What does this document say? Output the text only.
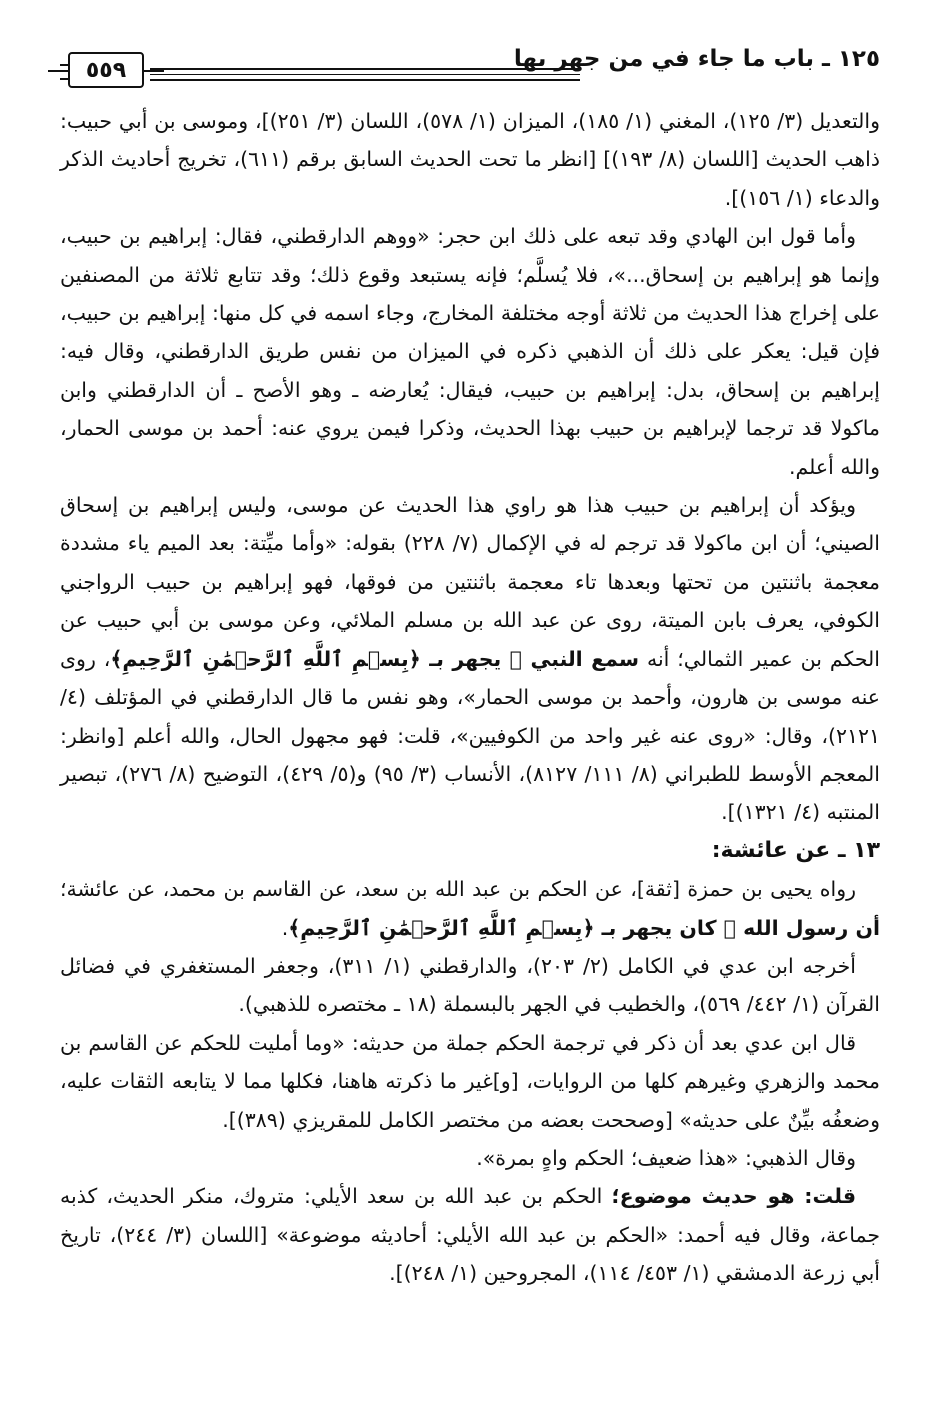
١٢٥ ـ باب ما جاء في من جهر بها
٥٥٩

والتعديل (٣/ ١٢٥)، المغني (١/ ١٨٥)، الميزان (١/ ٥٧٨)، اللسان (٣/ ٢٥١)]، وموسى بن أبي حبيب: ذاهب الحديث [اللسان (٨/ ١٩٣)] [انظر ما تحت الحديث السابق برقم (٦١١)، تخريج أحاديث الذكر والدعاء (١/ ١٥٦)].

وأما قول ابن الهادي وقد تبعه على ذلك ابن حجر: «ووهم الدارقطني، فقال: إبراهيم بن حبيب، وإنما هو إبراهيم بن إسحاق...»، فلا يُسلَّم؛ فإنه يستبعد وقوع ذلك؛ وقد تتابع ثلاثة من المصنفين على إخراج هذا الحديث من ثلاثة أوجه مختلفة المخارج، وجاء اسمه في كل منها: إبراهيم بن حبيب، فإن قيل: يعكر على ذلك أن الذهبي ذكره في الميزان من نفس طريق الدارقطني، وقال فيه: إبراهيم بن إسحاق، بدل: إبراهيم بن حبيب، فيقال: يُعارضه ـ وهو الأصح ـ أن الدارقطني وابن ماكولا قد ترجما لإبراهيم بن حبيب بهذا الحديث، وذكرا فيمن يروي عنه: أحمد بن موسى الحمار، والله أعلم.

ويؤكد أن إبراهيم بن حبيب هذا هو راوي هذا الحديث عن موسى، وليس إبراهيم بن إسحاق الصيني؛ أن ابن ماكولا قد ترجم له في الإكمال (٧/ ٢٢٨) بقوله: «وأما ميِّتة: بعد الميم ياء مشددة معجمة باثنتين من تحتها وبعدها تاء معجمة باثنتين من فوقها، فهو إبراهيم بن حبيب الرواجني الكوفي، يعرف بابن الميتة، روى عن عبد الله بن مسلم الملائي، وعن موسى بن أبي حبيب عن الحكم بن عمير الثمالي؛ أنه سمع النبي ﷺ يجهر بـ ﴿بِسۡمِ ٱللَّهِ ٱلرَّحۡمَٰنِ ٱلرَّحِيمِ﴾، روى عنه موسى بن هارون، وأحمد بن موسى الحمار»، وهو نفس ما قال الدارقطني في المؤتلف (٤/ ٢١٢١)، وقال: «روى عنه غير واحد من الكوفيين»، قلت: فهو مجهول الحال، والله أعلم [وانظر: المعجم الأوسط للطبراني (٨/ ١١١/ ٨١٢٧)، الأنساب (٣/ ٩٥) و(٥/ ٤٢٩)، التوضيح (٨/ ٢٧٦)، تبصير المنتبه (٤/ ١٣٢١)].

١٣ ـ عن عائشة:

رواه يحيى بن حمزة [ثقة]، عن الحكم بن عبد الله بن سعد، عن القاسم بن محمد، عن عائشة؛ أن رسول الله ﷺ كان يجهر بـ ﴿بِسۡمِ ٱللَّهِ ٱلرَّحۡمَٰنِ ٱلرَّحِيمِ﴾.

أخرجه ابن عدي في الكامل (٢/ ٢٠٣)، والدارقطني (١/ ٣١١)، وجعفر المستغفري في فضائل القرآن (١/ ٤٤٢/ ٥٦٩)، والخطيب في الجهر بالبسملة (١٨ ـ مختصره للذهبي).

قال ابن عدي بعد أن ذكر في ترجمة الحكم جملة من حديثه: «وما أمليت للحكم عن القاسم بن محمد والزهري وغيرهم كلها من الروايات، [و]غير ما ذكرته هاهنا، فكلها مما لا يتابعه الثقات عليه، وضعفُه بيِّنٌ على حديثه» [وصححت بعضه من مختصر الكامل للمقريزي (٣٨٩)].

وقال الذهبي: «هذا ضعيف؛ الحكم واهٍ بمرة».

قلت: هو حديث موضوع؛ الحكم بن عبد الله بن سعد الأيلي: متروك، منكر الحديث، كذبه جماعة، وقال فيه أحمد: «الحكم بن عبد الله الأيلي: أحاديثه موضوعة» [اللسان (٣/ ٢٤٤)، تاريخ أبي زرعة الدمشقي (١/ ٤٥٣/ ١١٤)، المجروحين (١/ ٢٤٨)].
